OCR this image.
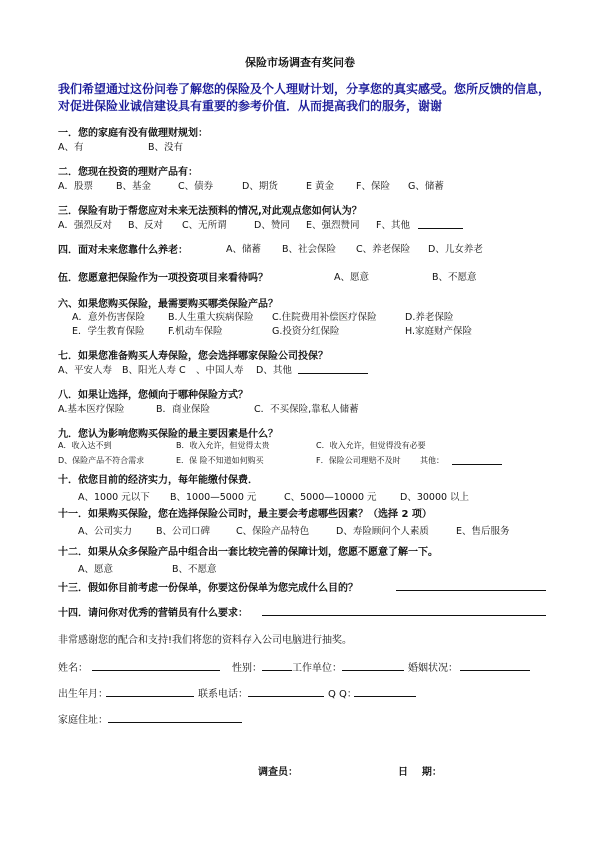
保险市场调查有奖问卷
我们希望通过这份问卷了解您的保险及个人理财计划，分享您的真实感受。您所反馈的信息，
对促进保险业诚信建设具有重要的参考价值．从而提高我们的服务，谢谢
一．您的家庭有没有做理财规划：
A、有	B、没有
二．您现在投资的理财产品有：
A．股票 B、基金	C、债券	D、期货	E 黄金 F、保险 G、储蓄
三．保险有助于帮您应对未来无法预料的情况,对此观点您如何认为？
A．强烈反对 B、反对 C、无所谓	D、赞同 E、强烈赞同 F、其他
四．面对未来您靠什么养老：	A、储蓄 B、社会保险 C、养老保险 D、儿女养老
伍．您愿意把保险作为一项投资项目来看待吗？	A、愿意	B、不愿意
六、如果您购买保险，最需要购买哪类保险产品？
A．意外伤害保险 B.人生重大疾病保险 C.住院费用补偿医疗保险	D.养老保险
E．学生教育保险 F.机动车保险	G.投资分红保险	H.家庭财产保险
七．如果您准备购买人寿保险，您会选择哪家保险公司投保？
A、平安人寿 B、阳光人寿 C 、中国人寿 D、其他
八．如果让选择，您倾向于哪种保险方式？
A.基本医疗保险	B．商业保险	C．不买保险,靠私人储蓄
九．您认为影响您购买保险的最主要因素是什么？
A．收入达不到	B．收入允许，但觉得太贵	C．收入允许，但觉得没有必要
D、保险产品不符合需求	E．保 险不知道如何购买	F．保险公司理赔不及时 其他：
十．依您目前的经济实力，每年能缴付保费．
A、1000 元以下 B、1000—5000 元	C、5000—10000 元 D、30000 以上
十一．如果购买保险，您在选择保险公司时，最主要会考虑哪些因素？（选择 2 项）
A、公司实力	B、公司口碑	C、保险产品特色	D、寿险顾问个人素质	E、售后服务
十二．如果从众多保险产品中组合出一套比较完善的保障计划，您愿不愿意了解一下。
A、愿意	B、不愿意
十三．假如你目前考虑一份保单，你要这份保单为您完成什么目的？
十四．请问你对优秀的营销员有什么要求：
非常感谢您的配合和支持!我们将您的资料存入公司电脑进行抽奖。
姓名：	性别：	工作单位：	婚姻状况：
出生年月：	联系电话：	Q Q：
家庭住址：
调查员：	日    期：
